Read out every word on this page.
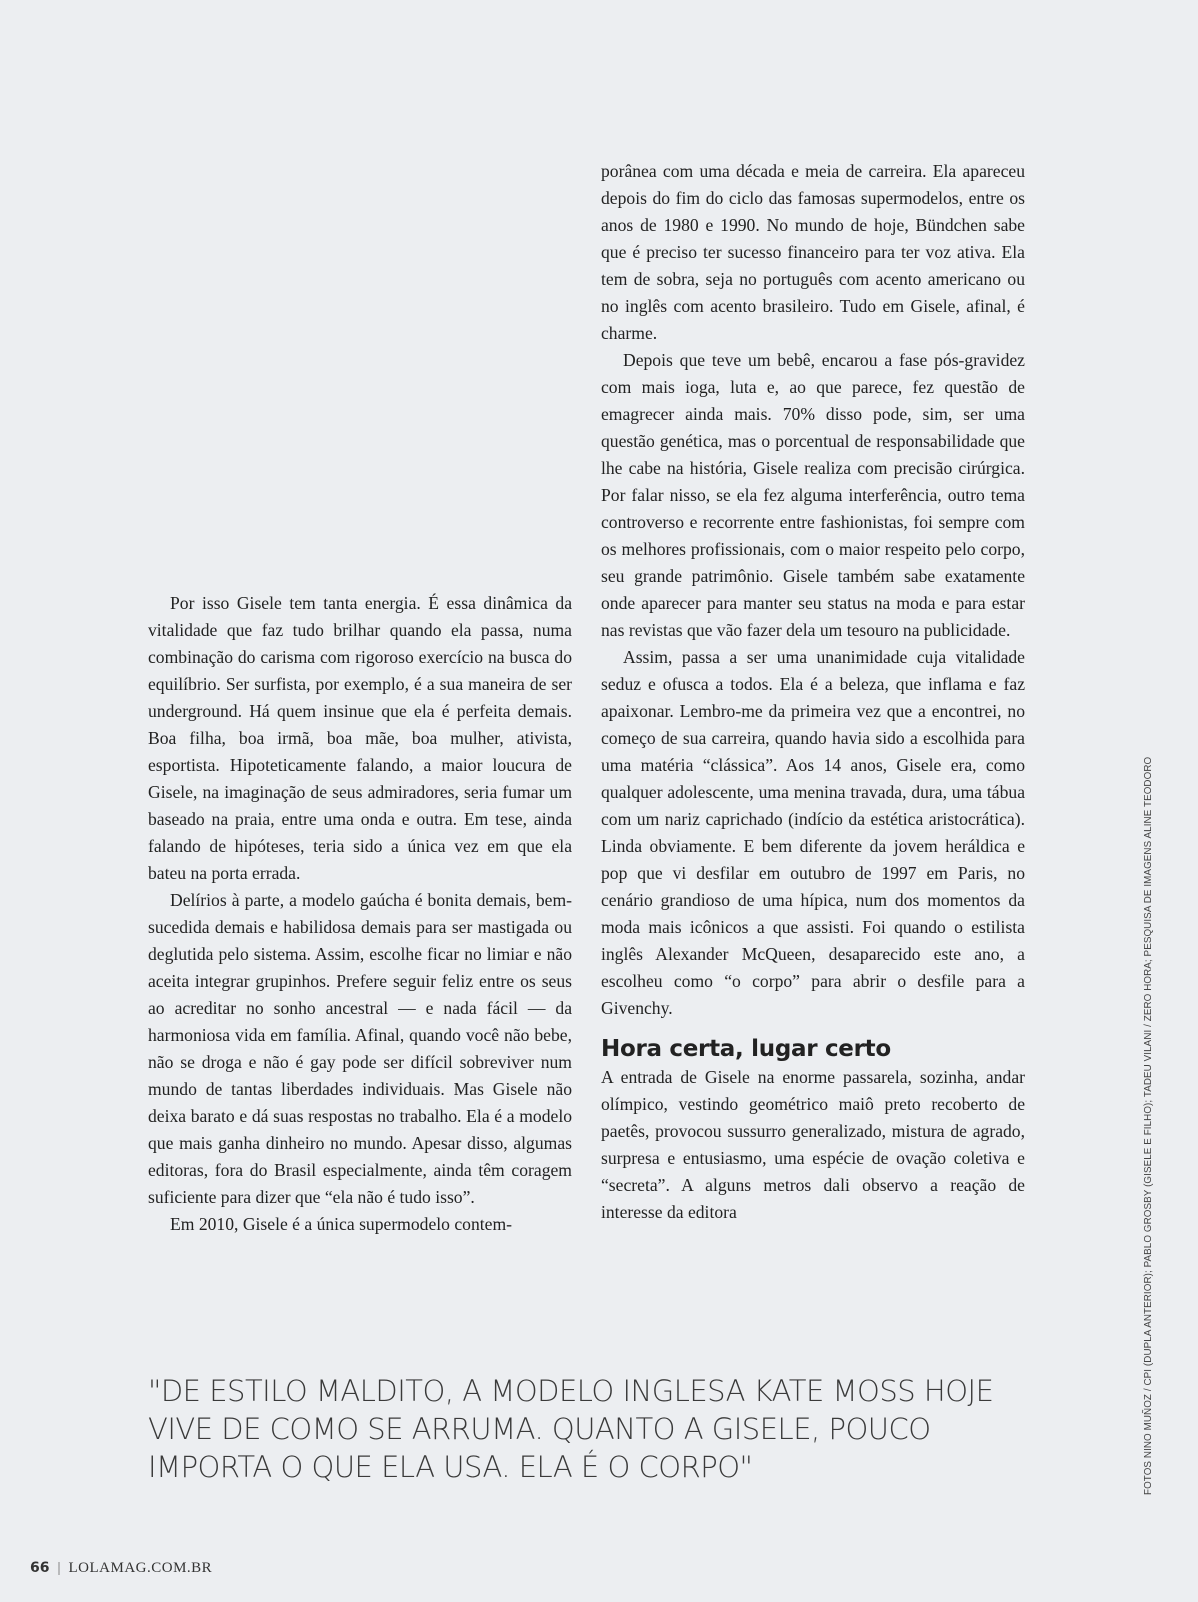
Por isso Gisele tem tanta energia. É essa dinâmica da vitalidade que faz tudo brilhar quando ela passa, numa combinação do carisma com rigoroso exercício na busca do equilíbrio. Ser surfista, por exemplo, é a sua maneira de ser underground. Há quem insinue que ela é perfeita demais. Boa filha, boa irmã, boa mãe, boa mulher, ativista, esportista. Hipoteticamente falando, a maior loucura de Gisele, na imaginação de seus admiradores, seria fumar um baseado na praia, entre uma onda e outra. Em tese, ainda falando de hipóteses, teria sido a única vez em que ela bateu na porta errada.

Delírios à parte, a modelo gaúcha é bonita demais, bem-sucedida demais e habilidosa demais para ser mastigada ou deglutida pelo sistema. Assim, escolhe ficar no limiar e não aceita integrar grupinhos. Prefere seguir feliz entre os seus ao acreditar no sonho ancestral — e nada fácil — da harmoniosa vida em família. Afinal, quando você não bebe, não se droga e não é gay pode ser difícil sobreviver num mundo de tantas liberdades individuais. Mas Gisele não deixa barato e dá suas respostas no trabalho. Ela é a modelo que mais ganha dinheiro no mundo. Apesar disso, algumas editoras, fora do Brasil especialmente, ainda têm coragem suficiente para dizer que “ela não é tudo isso”.

Em 2010, Gisele é a única supermodelo contem-

porânea com uma década e meia de carreira. Ela apareceu depois do fim do ciclo das famosas supermodelos, entre os anos de 1980 e 1990. No mundo de hoje, Bündchen sabe que é preciso ter sucesso financeiro para ter voz ativa. Ela tem de sobra, seja no português com acento americano ou no inglês com acento brasileiro. Tudo em Gisele, afinal, é charme.

Depois que teve um bebê, encarou a fase pós-gravidez com mais ioga, luta e, ao que parece, fez questão de emagrecer ainda mais. 70% disso pode, sim, ser uma questão genética, mas o porcentual de responsabilidade que lhe cabe na história, Gisele realiza com precisão cirúrgica. Por falar nisso, se ela fez alguma interferência, outro tema controverso e recorrente entre fashionistas, foi sempre com os melhores profissionais, com o maior respeito pelo corpo, seu grande patrimônio. Gisele também sabe exatamente onde aparecer para manter seu status na moda e para estar nas revistas que vão fazer dela um tesouro na publicidade.

Assim, passa a ser uma unanimidade cuja vitalidade seduz e ofusca a todos. Ela é a beleza, que inflama e faz apaixonar. Lembro-me da primeira vez que a encontrei, no começo de sua carreira, quando havia sido a escolhida para uma matéria “clássica”. Aos 14 anos, Gisele era, como qualquer adolescente, uma menina travada, dura, uma tábua com um nariz caprichado (indício da estética aristocrática). Linda obviamente. E bem diferente da jovem heráldica e pop que vi desfilar em outubro de 1997 em Paris, no cenário grandioso de uma hípica, num dos momentos da moda mais icônicos a que assisti. Foi quando o estilista inglês Alexander McQueen, desaparecido este ano, a escolheu como “o corpo” para abrir o desfile para a Givenchy.

Hora certa, lugar certo

A entrada de Gisele na enorme passarela, sozinha, andar olímpico, vestindo geométrico maiô preto recoberto de paetês, provocou sussurro generalizado, mistura de agrado, surpresa e entusiasmo, uma espécie de ovação coletiva e “secreta”. A alguns metros dali observo a reação de interesse da editora

"DE ESTILO MALDITO, A MODELO INGLESA KATE MOSS HOJE VIVE DE COMO SE ARRUMA. QUANTO A GISELE, POUCO IMPORTA O QUE ELA USA. ELA É O CORPO"	FOTOS NINO MUÑOZ / CPI (DUPLA ANTERIOR); PABLO GROSBY (GISELE E FILHO); TADEU VILANI / ZERO HORA; PESQUISA DE IMAGENS ALINE TEODORO
66 | LOLAMAG.COM.BR
